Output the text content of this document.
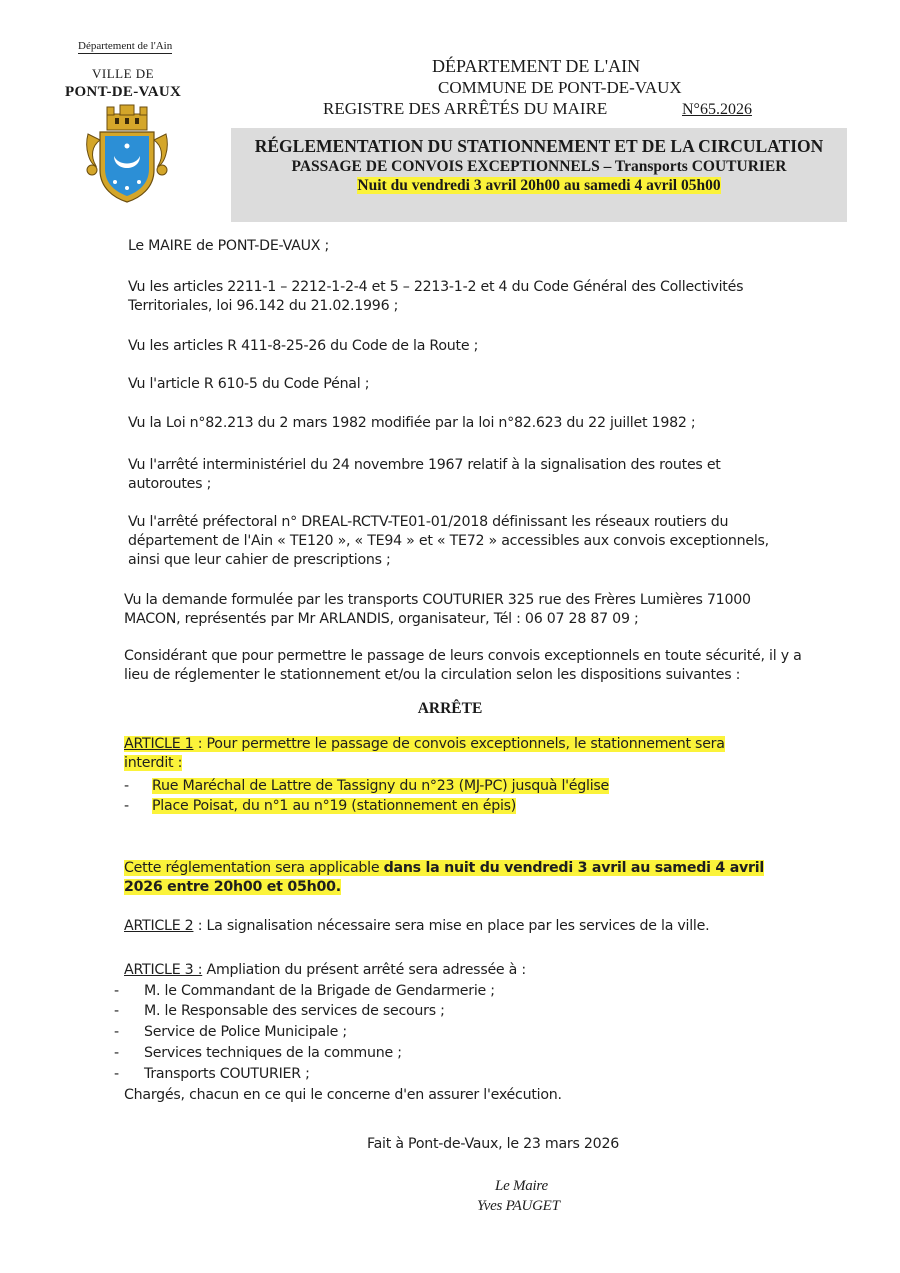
Département de l'Ain
VILLE DE
PONT-DE-VAUX
DÉPARTEMENT DE L'AIN
COMMUNE DE PONT-DE-VAUX
REGISTRE DES ARRÊTÉS DU MAIRE	N°65.2026
RÉGLEMENTATION DU STATIONNEMENT ET DE LA CIRCULATION
PASSAGE DE CONVOIS EXCEPTIONNELS – Transports COUTURIER
Nuit du vendredi 3 avril 20h00 au samedi 4 avril 05h00
Le MAIRE de PONT-DE-VAUX ;
Vu les articles 2211-1 – 2212-1-2-4 et 5 – 2213-1-2 et 4 du Code Général des Collectivités
Territoriales, loi 96.142 du 21.02.1996 ;
Vu les articles R 411-8-25-26 du Code de la Route ;
Vu l'article R 610-5 du Code Pénal ;
Vu la Loi n°82.213 du 2 mars 1982 modifiée par la loi n°82.623 du 22 juillet 1982 ;
Vu l'arrêté interministériel du 24 novembre 1967 relatif à la signalisation des routes et
autoroutes ;
Vu l'arrêté préfectoral n° DREAL-RCTV-TE01-01/2018 définissant les réseaux routiers du
département de l'Ain « TE120 », « TE94 » et « TE72 » accessibles aux convois exceptionnels,
ainsi que leur cahier de prescriptions ;
Vu la demande formulée par les transports COUTURIER 325 rue des Frères Lumières 71000
MACON, représentés par Mr ARLANDIS, organisateur, Tél : 06 07 28 87 09 ;
Considérant que pour permettre le passage de leurs convois exceptionnels en toute sécurité, il y a
lieu de réglementer le stationnement et/ou la circulation selon les dispositions suivantes :
ARRÊTE
ARTICLE 1 : Pour permettre le passage de convois exceptionnels, le stationnement sera
interdit :
- Rue Maréchal de Lattre de Tassigny du n°23 (MJ-PC) jusquà l'église
- Place Poisat, du n°1 au n°19 (stationnement en épis)
Cette réglementation sera applicable dans la nuit du vendredi 3 avril au samedi 4 avril
2026 entre 20h00 et 05h00.
ARTICLE 2 : La signalisation nécessaire sera mise en place par les services de la ville.
ARTICLE 3 : Ampliation du présent arrêté sera adressée à :
- M. le Commandant de la Brigade de Gendarmerie ;
- M. le Responsable des services de secours ;
- Service de Police Municipale ;
- Services techniques de la commune ;
- Transports COUTURIER ;
Chargés, chacun en ce qui le concerne d'en assurer l'exécution.
Fait à Pont-de-Vaux, le 23 mars 2026
Le Maire
Yves PAUGET
